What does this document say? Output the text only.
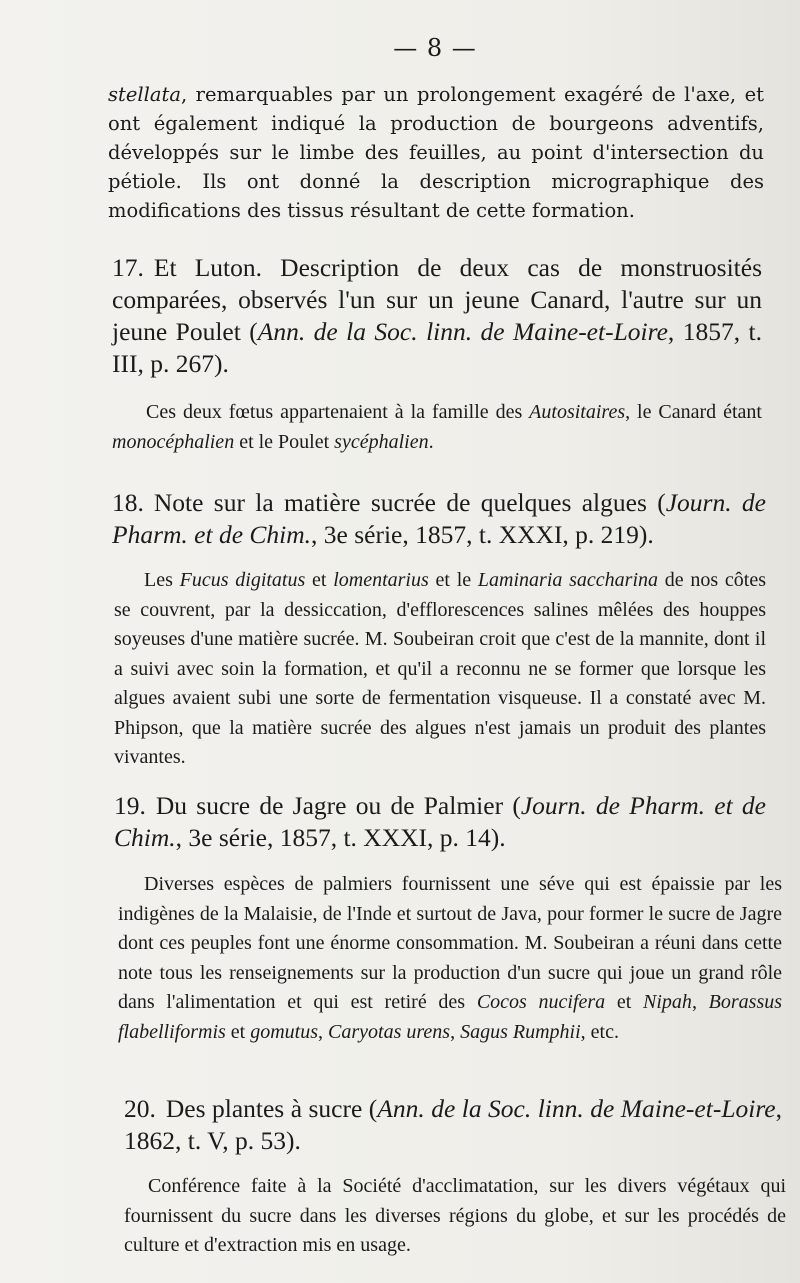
— 8 —

stellata, remarquables par un prolongement exagéré de l'axe, et ont également indiqué la production de bourgeons adventifs, développés sur le limbe des feuilles, au point d'intersection du pétiole. Ils ont donné la description micrographique des modifications des tissus résultant de cette formation.

17. Et Luton. Description de deux cas de monstruosités comparées, observés l'un sur un jeune Canard, l'autre sur un jeune Poulet (Ann. de la Soc. linn. de Maine-et-Loire, 1857, t. III, p. 267).

Ces deux fœtus appartenaient à la famille des Autositaires, le Canard étant monocéphalien et le Poulet sycéphalien.

18. Note sur la matière sucrée de quelques algues (Journ. de Pharm. et de Chim., 3e série, 1857, t. XXXI, p. 219).

Les Fucus digitatus et lomentarius et le Laminaria saccharina de nos côtes se couvrent, par la dessiccation, d'efflorescences salines mêlées des houppes soyeuses d'une matière sucrée. M. Soubeiran croit que c'est de la mannite, dont il a suivi avec soin la formation, et qu'il a reconnu ne se former que lorsque les algues avaient subi une sorte de fermentation visqueuse. Il a constaté avec M. Phipson, que la matière sucrée des algues n'est jamais un produit des plantes vivantes.

19. Du sucre de Jagre ou de Palmier (Journ. de Pharm. et de Chim., 3e série, 1857, t. XXXI, p. 14).

Diverses espèces de palmiers fournissent une séve qui est épaissie par les indigènes de la Malaisie, de l'Inde et surtout de Java, pour former le sucre de Jagre dont ces peuples font une énorme consommation. M. Soubeiran a réuni dans cette note tous les renseignements sur la production d'un sucre qui joue un grand rôle dans l'alimentation et qui est retiré des Cocos nucifera et Nipah, Borassus flabelliformis et gomutus, Caryotas urens, Sagus Rumphii, etc.

20. Des plantes à sucre (Ann. de la Soc. linn. de Maine-et-Loire, 1862, t. V, p. 53).

Conférence faite à la Société d'acclimatation, sur les divers végétaux qui fournissent du sucre dans les diverses régions du globe, et sur les procédés de culture et d'extraction mis en usage.
